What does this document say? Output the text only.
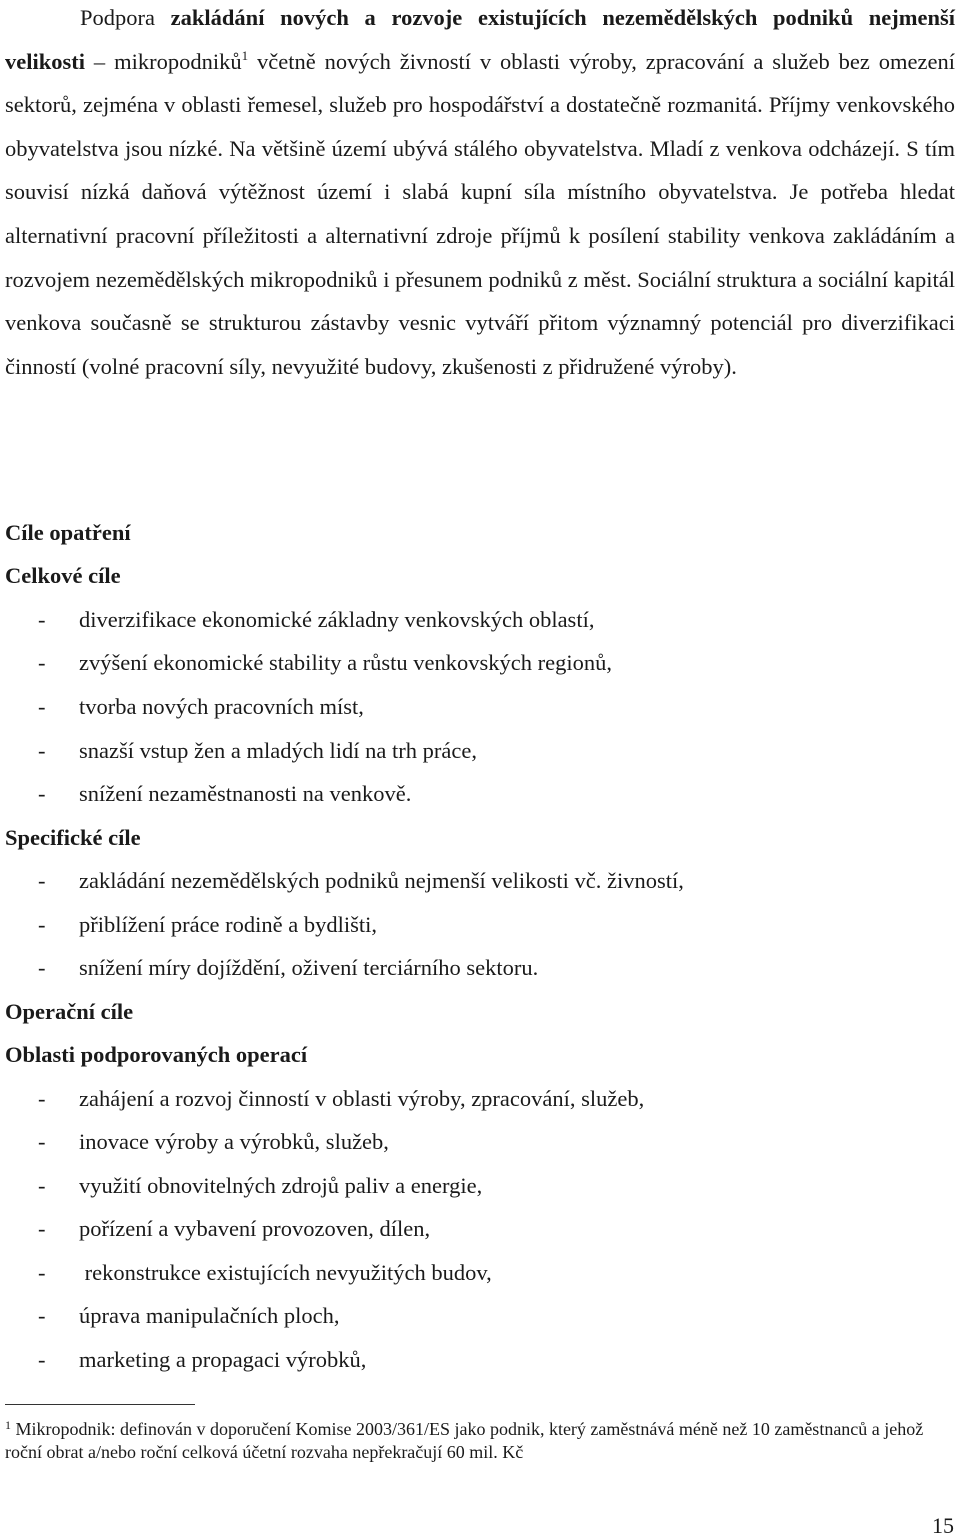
Podpora zakládání nových a rozvoje existujících nezemědělských podniků nejmenší velikosti – mikropodniků$^1$ včetně nových živností v oblasti výroby, zpracování a služeb bez omezení sektorů, zejména v oblasti řemesel, služeb pro hospodářství a dostatečně rozmanitá. Příjmy venkovského obyvatelstva jsou nízké. Na většině území ubývá stálého obyvatelstva. Mladí z venkova odcházejí. S tím souvisí nízká daňová výtěžnost území i slabá kupní síla místního obyvatelstva. Je potřeba hledat alternativní pracovní příležitosti a alternativní zdroje příjmů k posílení stability venkova zakládáním a rozvojem nezemědělských mikropodniků i přesunem podniků z měst. Sociální struktura a sociální kapitál venkova současně se strukturou zástavby vesnic vytváří přitom významný potenciál pro diverzifikaci činností (volné pracovní síly, nevyužité budovy, zkušenosti z přidružené výroby).

Cíle opatření
Celkové cíle
- diverzifikace ekonomické základny venkovských oblastí,
- zvýšení ekonomické stability a růstu venkovských regionů,
- tvorba nových pracovních míst,
- snazší vstup žen a mladých lidí na trh práce,
- snížení nezaměstnanosti na venkově.
Specifické cíle
- zakládání nezemědělských podniků nejmenší velikosti vč. živností,
- přiblížení práce rodině a bydlišti,
- snížení míry dojíždění, oživení terciárního sektoru.
Operační cíle
Oblasti podporovaných operací
- zahájení a rozvoj činností v oblasti výroby, zpracování, služeb,
- inovace výroby a výrobků, služeb,
- využití obnovitelných zdrojů paliv a energie,
- pořízení a vybavení provozoven, dílen,
- rekonstrukce existujících nevyužitých budov,
- úprava manipulačních ploch,
- marketing a propagaci výrobků,

$^1$ Mikropodnik: definován v doporučení Komise 2003/361/ES jako podnik, který zaměstnává méně než 10 zaměstnanců a jehož roční obrat a/nebo roční celková účetní rozvaha nepřekračují 60 mil. Kč

15
